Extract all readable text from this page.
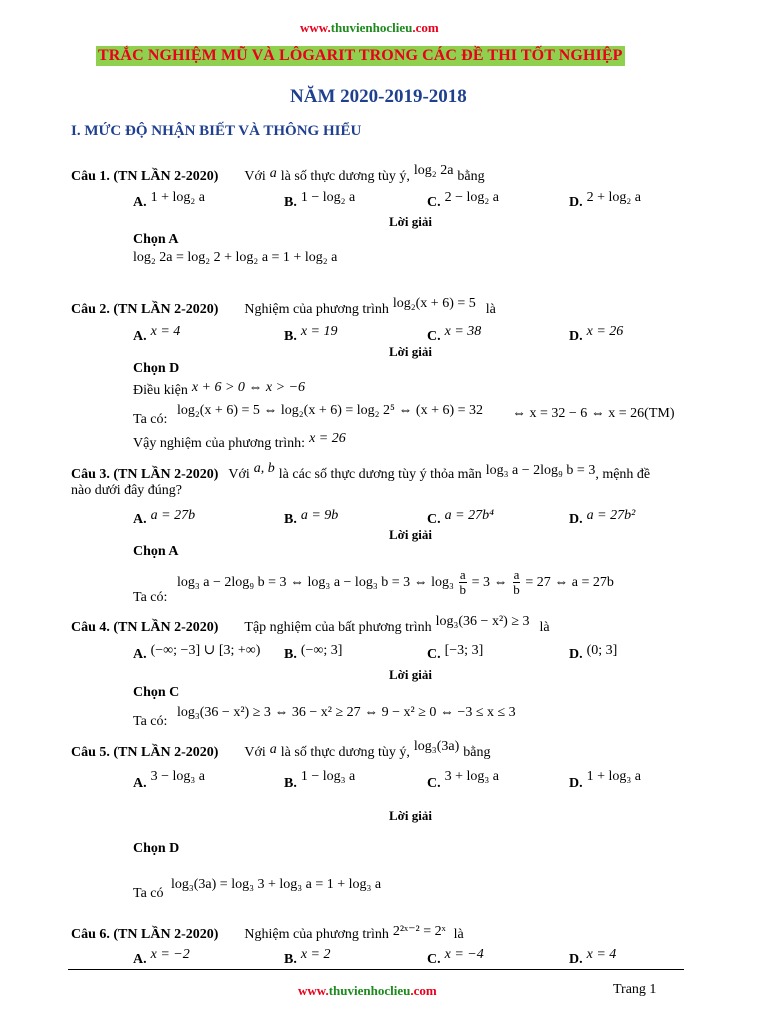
www.thuvienhoclieu.com
TRẮC NGHIỆM MŨ VÀ LÔGARIT TRONG CÁC ĐỀ THI TỐT NGHIỆP
NĂM 2020-2019-2018
I. MỨC ĐỘ NHẬN BIẾT VÀ THÔNG HIỂU
Câu 1. (TN LẦN 2-2020) Với a là số thực dương tùy ý, log₂ 2a bằng
A. 1 + log₂ a	B. 1 − log₂ a	C. 2 − log₂ a	D. 2 + log₂ a
Lời giải
Chọn A
log₂ 2a = log₂ 2 + log₂ a = 1 + log₂ a
Câu 2. (TN LẦN 2-2020) Nghiệm của phương trình log₂(x + 6) = 5 là
A. x = 4	B. x = 19	C. x = 38	D. x = 26
Lời giải
Chọn D
Điều kiện x + 6 > 0 ⇔ x > −6
Ta có:
log₂(x + 6) = 5 ⇔ log₂(x + 6) = log₂ 2⁵ ⇔ (x + 6) = 32 ⇔ x = 32 − 6 ⇔ x = 26(TM)
Vậy nghiệm của phương trình: x = 26
Câu 3. (TN LẦN 2-2020) Với a, b là các số thực dương tùy ý thỏa mãn log₃ a − 2log₉ b = 3, mệnh đề
nào dưới đây đúng?
A. a = 27b	B. a = 9b	C. a = 27b⁴	D. a = 27b²
Lời giải
Chọn A
Ta có:
log₃ a − 2log₉ b = 3 ⇔ log₃ a − log₃ b = 3 ⇔ $\log_3 \frac{a}{b} = 3$ ⇔ $\frac{a}{b} = 27$ ⇔ a = 27b
Câu 4. (TN LẦN 2-2020) Tập nghiệm của bất phương trình log₃(36 − x²) ≥ 3 là
A. (−∞; −3] ∪ [3; +∞) B. (−∞; 3]	C. [−3; 3]	D. (0; 3]
Lời giải
Chọn C
Ta có:
log₃(36 − x²) ≥ 3 ⇔ 36 − x² ≥ 27 ⇔ 9 − x² ≥ 0 ⇔ −3 ≤ x ≤ 3
Câu 5. (TN LẦN 2-2020) Với a là số thực dương tùy ý, log₃(3a) bằng
A. 3 − log₃ a	B. 1 − log₃ a	C. 3 + log₃ a	D. 1 + log₃ a
Lời giải
Chọn D
Ta có
log₃(3a) = log₃ 3 + log₃ a = 1 + log₃ a
Câu 6. (TN LẦN 2-2020) Nghiệm của phương trình 2²ˣ⁻² = 2ˣ là
A. x = −2	B. x = 2	C. x = −4	D. x = 4
www.thuvienhoclieu.com	Trang 1
